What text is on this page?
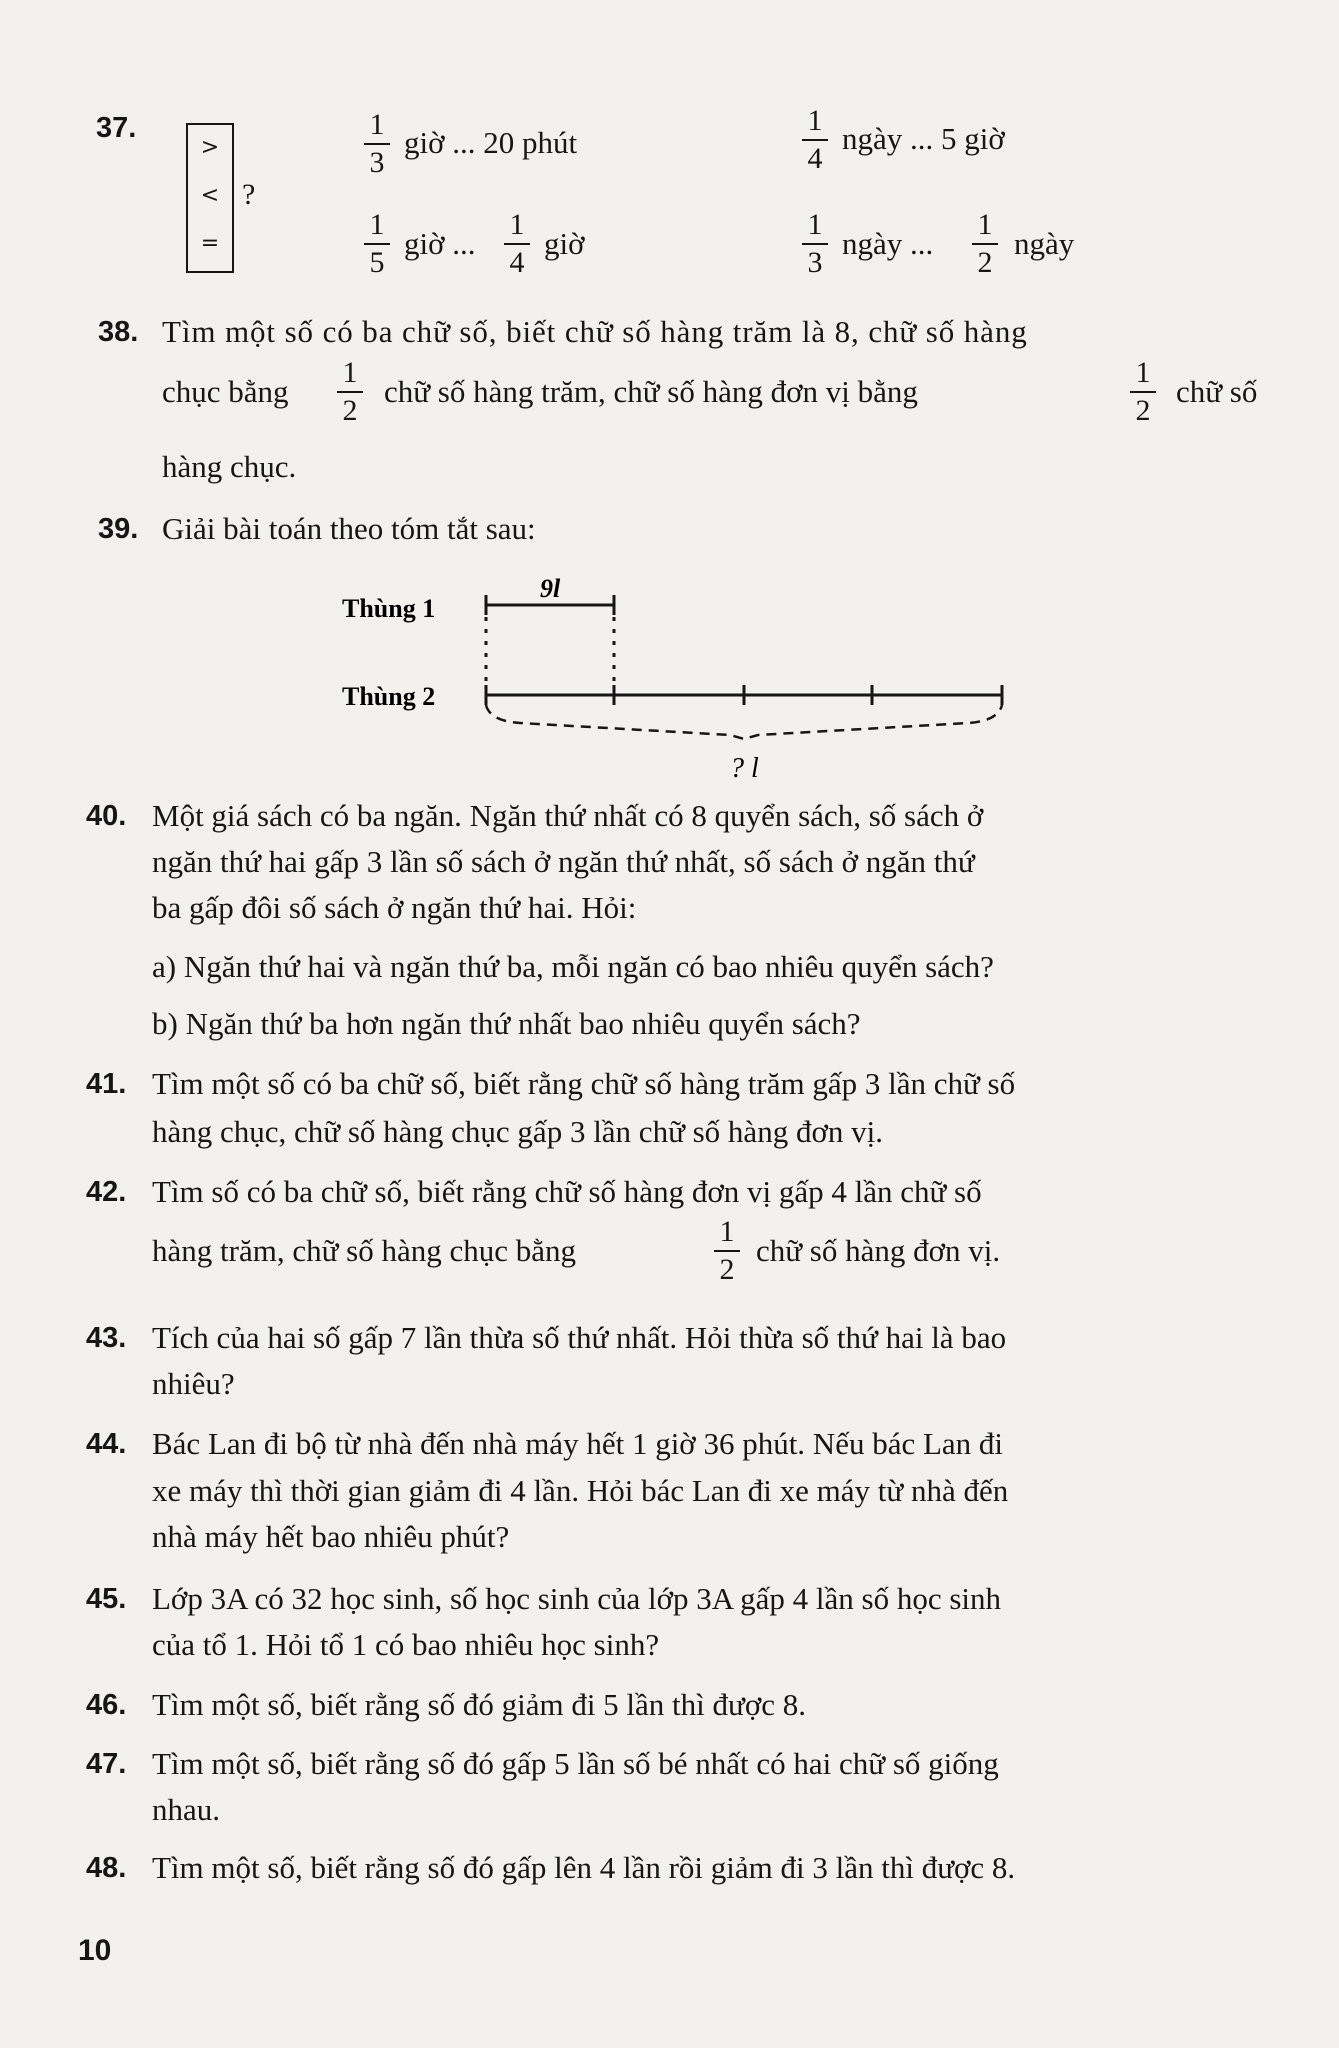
37.
>
<
=
?
1
3
giờ ... 20 phút
1
4
ngày ... 5 giờ
1
5
giờ ...
1
4
giờ
1
3
ngày ...
1
2
ngày
38. Tìm một số có ba chữ số, biết chữ số hàng trăm là 8, chữ số hàng
chục bằng
1
2
chữ số hàng trăm, chữ số hàng đơn vị bằng
1
2
chữ số
hàng chục.
39. Giải bài toán theo tóm tắt sau:
Thùng 1
Thùng 2
9l
? l
40. Một giá sách có ba ngăn. Ngăn thứ nhất có 8 quyển sách, số sách ở
ngăn thứ hai gấp 3 lần số sách ở ngăn thứ nhất, số sách ở ngăn thứ
ba gấp đôi số sách ở ngăn thứ hai. Hỏi:
a) Ngăn thứ hai và ngăn thứ ba, mỗi ngăn có bao nhiêu quyển sách?
b) Ngăn thứ ba hơn ngăn thứ nhất bao nhiêu quyển sách?
41. Tìm một số có ba chữ số, biết rằng chữ số hàng trăm gấp 3 lần chữ số
hàng chục, chữ số hàng chục gấp 3 lần chữ số hàng đơn vị.
42. Tìm số có ba chữ số, biết rằng chữ số hàng đơn vị gấp 4 lần chữ số
hàng trăm, chữ số hàng chục bằng
1
2
chữ số hàng đơn vị.
43. Tích của hai số gấp 7 lần thừa số thứ nhất. Hỏi thừa số thứ hai là bao
nhiêu?
44. Bác Lan đi bộ từ nhà đến nhà máy hết 1 giờ 36 phút. Nếu bác Lan đi
xe máy thì thời gian giảm đi 4 lần. Hỏi bác Lan đi xe máy từ nhà đến
nhà máy hết bao nhiêu phút?
45. Lớp 3A có 32 học sinh, số học sinh của lớp 3A gấp 4 lần số học sinh
của tổ 1. Hỏi tổ 1 có bao nhiêu học sinh?
46. Tìm một số, biết rằng số đó giảm đi 5 lần thì được 8.
47. Tìm một số, biết rằng số đó gấp 5 lần số bé nhất có hai chữ số giống
nhau.
48. Tìm một số, biết rằng số đó gấp lên 4 lần rồi giảm đi 3 lần thì được 8.
10
